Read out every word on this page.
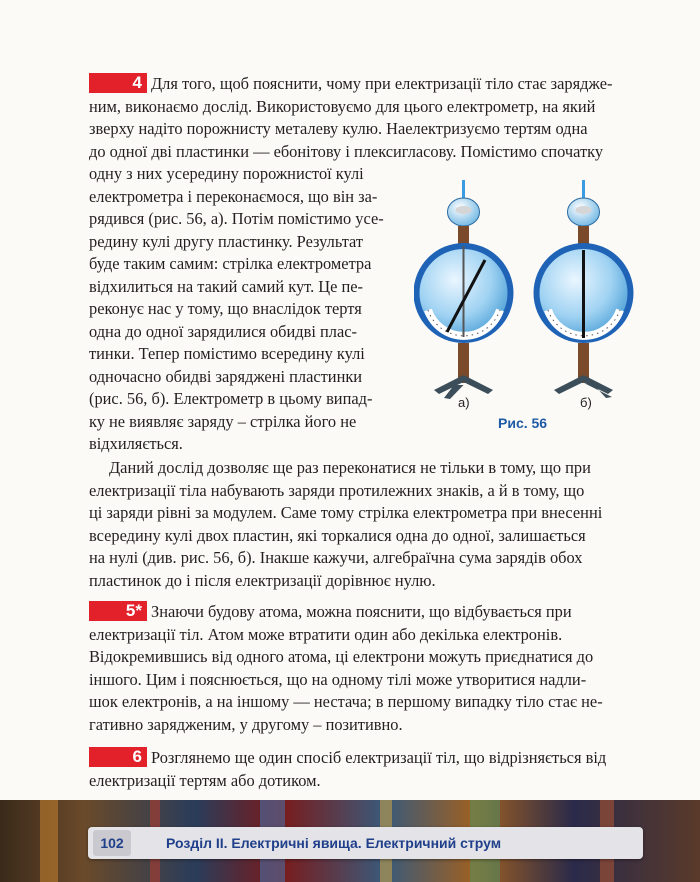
4 Для того, щоб пояснити, чому при електризації тіло стає заряджe-
ним, виконаємо дослід. Використовуємо для цього електрометр, на який
зверху надіто порожнисту металеву кулю. Наелектризуємо тертям одна
до одної дві пластинки — ебонітову і плексигласову. Помістимо спочатку
одну з них усередину порожнистої кулі
електрометра і переконаємося, що він за-
рядився (рис. 56, а). Потім помістимо усе-
редину кулі другу пластинку. Результат
буде таким самим: стрілка електрометра
відхилиться на такий самий кут. Це пе-
реконує нас у тому, що внаслідок тертя
одна до одної зарядилися обидві плас-
тинки. Тепер помістимо всередину кулі
одночасно обидві заряджені пластинки
(рис. 56, б). Електрометр в цьому випад-
ку не виявляє заряду – стрілка його не
відхиляється.
а)	б)
Рис. 56
Даний дослід дозволяє ще раз переконатися не тільки в тому, що при
електризації тіла набувають заряди протилежних знаків, а й в тому, що
ці заряди рівні за модулем. Саме тому стрілка електрометра при внесенні
всередину кулі двох пластин, які торкалися одна до одної, залишається
на нулі (див. рис. 56, б). Інакше кажучи, алгебраїчна сума зарядів обох
пластинок до і після електризації дорівнює нулю.
5* Знаючи будову атома, можна пояснити, що відбувається при
електризації тіл. Атом може втратити один або декілька електронів.
Відокремившись від одного атома, ці електрони можуть приєднатися до
іншого. Цим і пояснюється, що на одному тілі може утворитися надли-
шок електронів, а на іншому — нестача; в першому випадку тіло стає не-
гативно зарядженим, у другому – позитивно.
6 Розглянемо ще один спосіб електризації тіл, що відрізняється від
електризації тертям або дотиком.
102	Розділ ІІ. Електричні явища. Електричний струм
